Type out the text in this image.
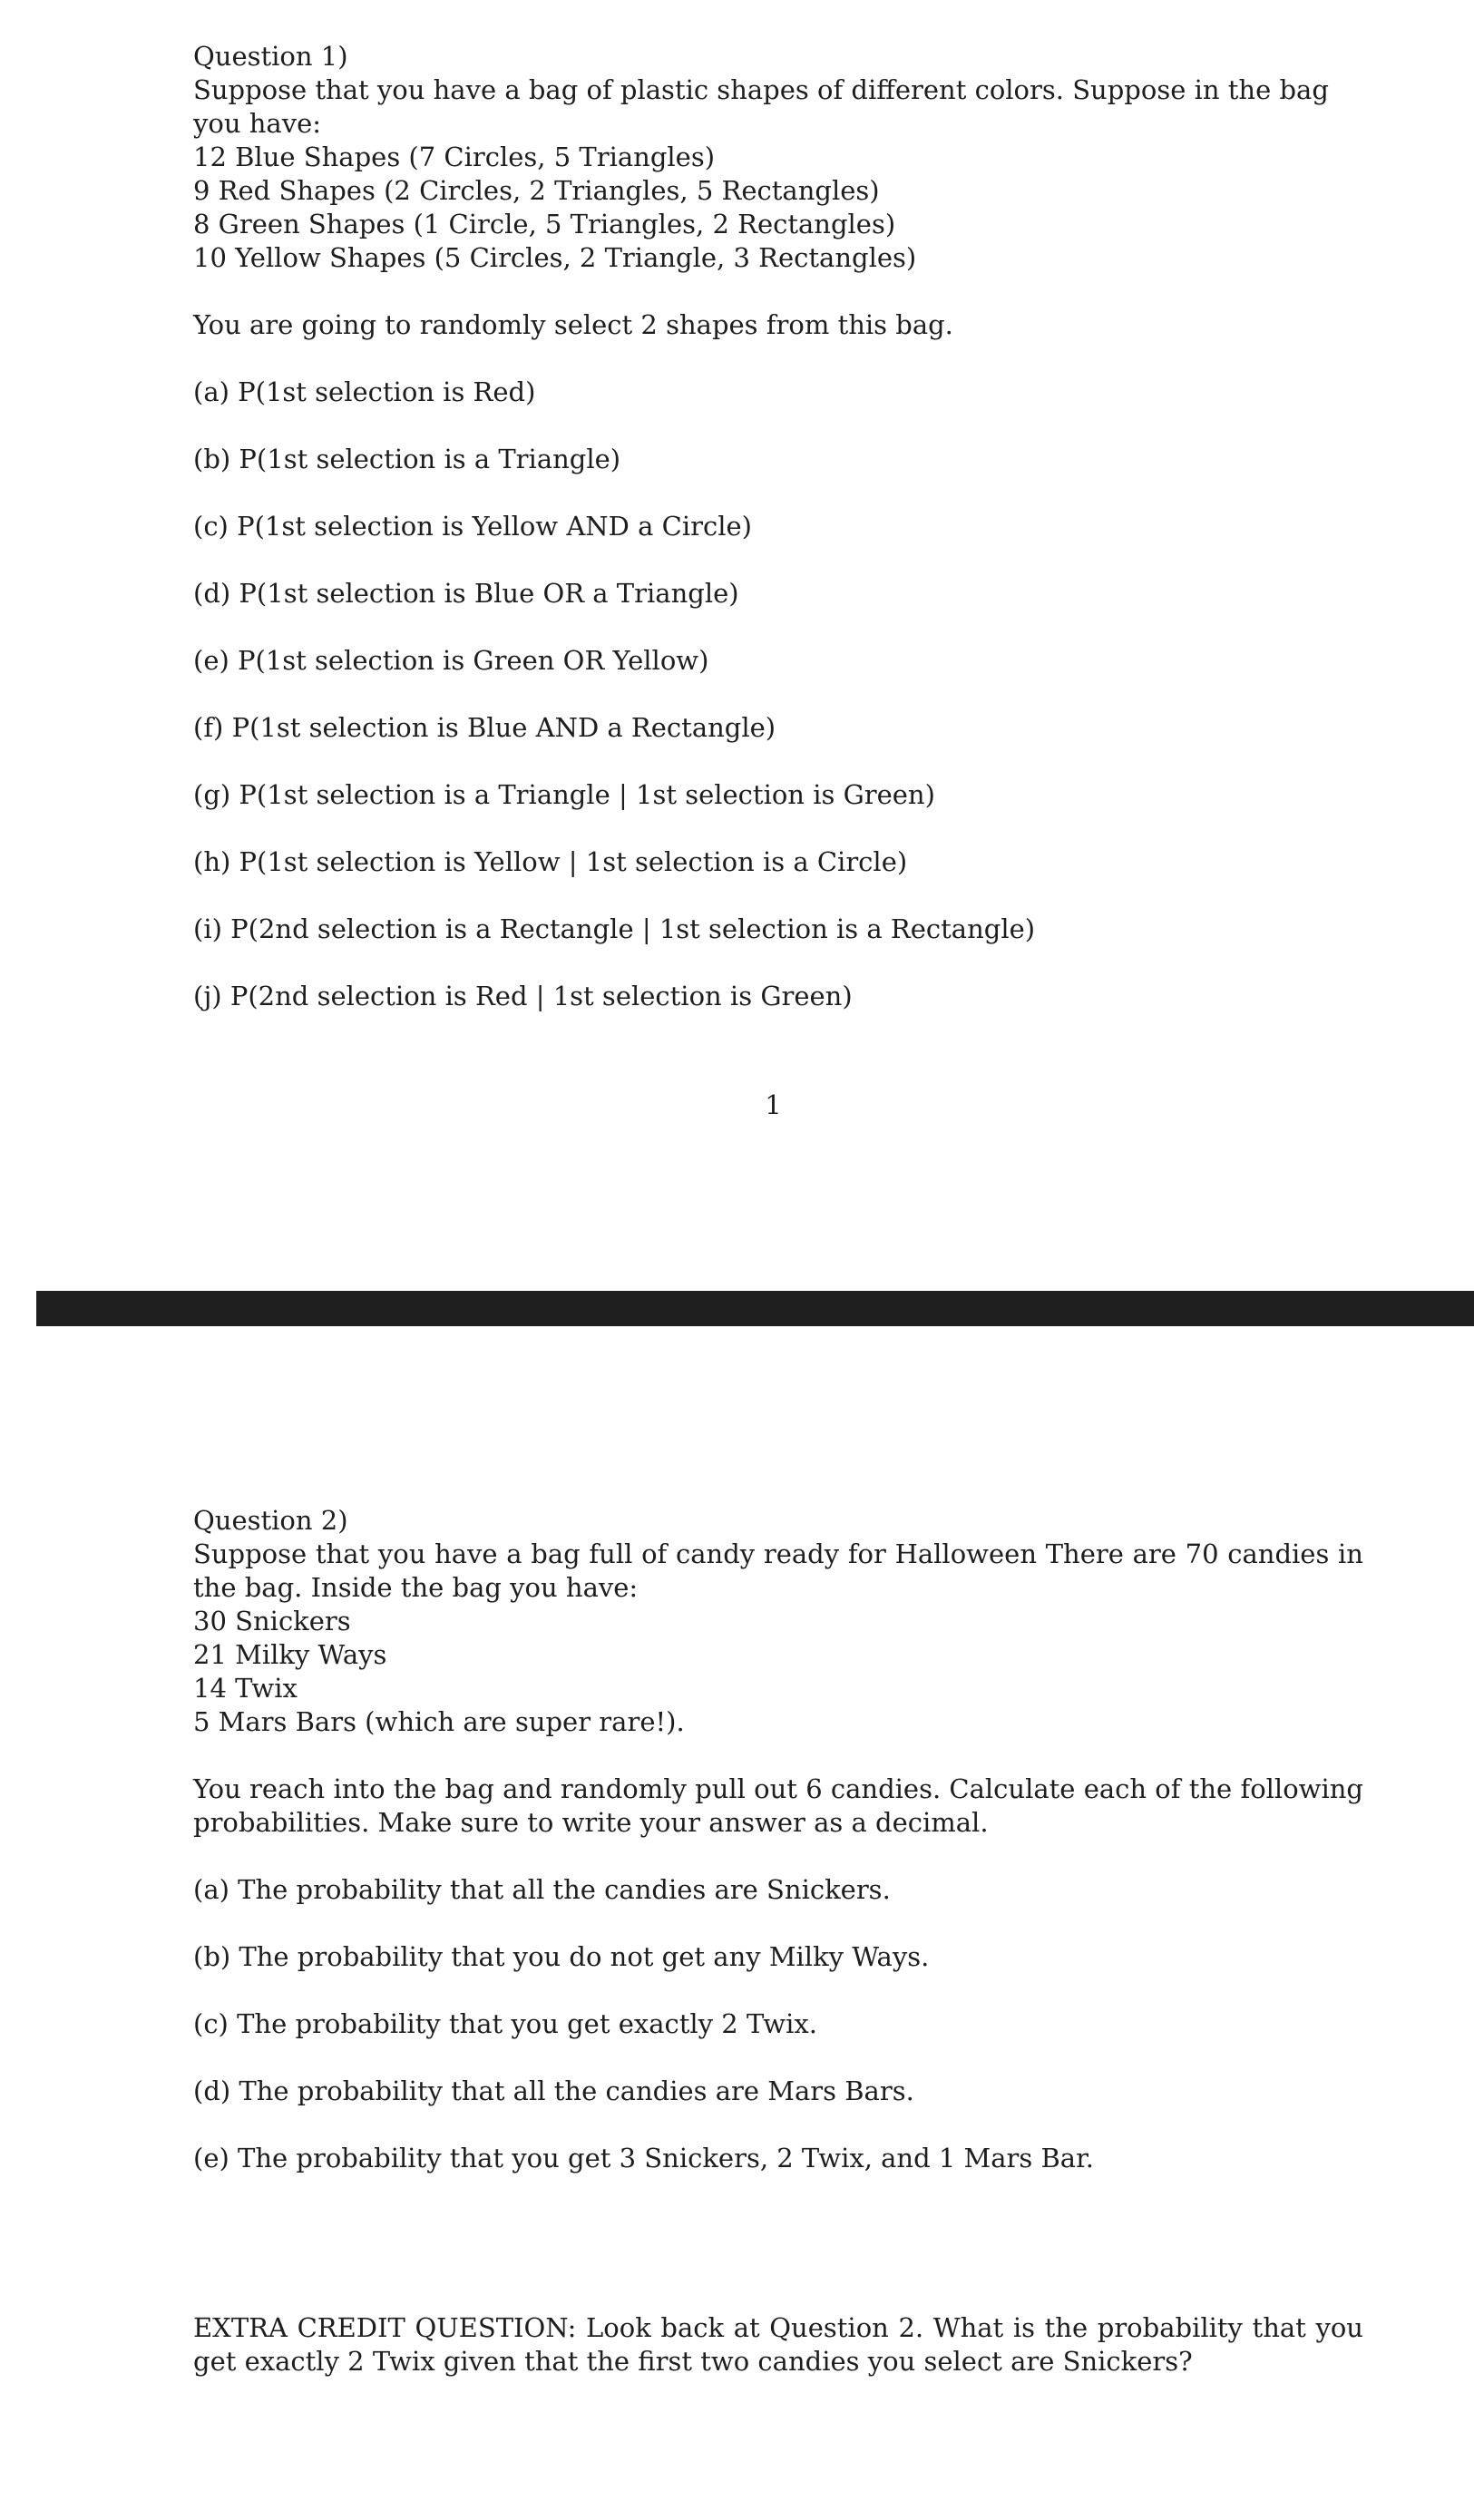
Question 1)

Suppose that you have a bag of plastic shapes of different colors. Suppose in the bag you have:

12 Blue Shapes (7 Circles, 5 Triangles)

9 Red Shapes (2 Circles, 2 Triangles, 5 Rectangles)

8 Green Shapes (1 Circle, 5 Triangles, 2 Rectangles)

10 Yellow Shapes (5 Circles, 2 Triangle, 3 Rectangles)

You are going to randomly select 2 shapes from this bag.

(a) P(1st selection is Red)

(b) P(1st selection is a Triangle)

(c) P(1st selection is Yellow AND a Circle)

(d) P(1st selection is Blue OR a Triangle)

(e) P(1st selection is Green OR Yellow)

(f) P(1st selection is Blue AND a Rectangle)

(g) P(1st selection is a Triangle | 1st selection is Green)

(h) P(1st selection is Yellow | 1st selection is a Circle)

(i) P(2nd selection is a Rectangle | 1st selection is a Rectangle)

(j) P(2nd selection is Red | 1st selection is Green)

1

Question 2)

Suppose that you have a bag full of candy ready for Halloween There are 70 candies in the bag. Inside the bag you have:

30 Snickers

21 Milky Ways

14 Twix

5 Mars Bars (which are super rare!).

You reach into the bag and randomly pull out 6 candies. Calculate each of the following probabilities. Make sure to write your answer as a decimal.

(a) The probability that all the candies are Snickers.

(b) The probability that you do not get any Milky Ways.

(c) The probability that you get exactly 2 Twix.

(d) The probability that all the candies are Mars Bars.

(e) The probability that you get 3 Snickers, 2 Twix, and 1 Mars Bar.

EXTRA CREDIT QUESTION: Look back at Question 2. What is the probability that you get exactly 2 Twix given that the first two candies you select are Snickers?
